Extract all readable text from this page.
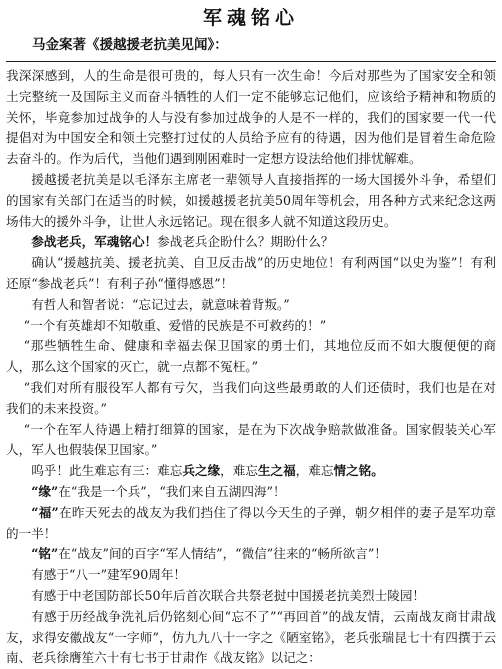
军魂铭心
马金案著《援越援老抗美见闻》：

我深深感到，人的生命是很可贵的，每人只有一次生命！今后对那些为了国家安全和领土完整统一及国际主义而奋斗牺牲的人们一定不能够忘记他们，应该给予精神和物质的关怀，毕竟参加过战争的人与没有参加过战争的人是不一样的，我们的国家要一代一代提倡对为中国安全和领土完整打过仗的人员给予应有的待遇，因为他们是冒着生命危险去奋斗的。作为后代，当他们遇到刚困难时一定想方设法给他们排忧解难。

援越援老抗美是以毛泽东主席老一辈领导人直接指挥的一场大国援外斗争，希望们的国家有关部门在适当的时候，如援越援老抗美50周年等机会，用各种方式来纪念这两场伟大的援外斗争，让世人永远铭记。现在很多人就不知道这段历史。

参战老兵，军魂铭心！参战老兵企盼什么？期盼什么？

确认“援越抗美、援老抗美、自卫反击战”的历史地位！有利两国“以史为鉴”！有利还原“参战老兵”！有利子孙“懂得感恩”！

有哲人和智者说：“忘记过去，就意味着背叛。”

“一个有英雄却不知敬重、爱惜的民族是不可救药的！”

“那些牺牲生命、健康和幸福去保卫国家的勇士们，其地位反而不如大腹便便的商人，那么这个国家的灭亡，就一点都不冤枉。”

“我们对所有服役军人都有亏欠，当我们向这些最勇敢的人们还债时，我们也是在对我们的未来投资。”

“一个在军人待遇上精打细算的国家，是在为下次战争赔款做准备。国家假装关心军人，军人也假装保卫国家。”

呜乎！此生难忘有三：难忘兵之缘，难忘生之福，难忘情之铭。

“缘”在“我是一个兵”，“我们来自五湖四海”！

“福”在昨天死去的战友为我们挡住了得以今天生的子弹，朝夕相伴的妻子是军功章的一半！

“铭”在“战友”间的百字“军人情结”，“微信”往来的“畅所欲言”！

有感于“八一”建军90周年！

有感于中老国防部长50年后首次联合共祭老挝中国援老抗美烈士陵园！

有感于历经战争洗礼后仍铭刻心间“忘不了”“再回首”的战友情，云南战友商甘肃战友，求得安徽战友“一字师”，仿九九八十一字之《陋室铭》，老兵张瑞昆七十有四撰于云南、老兵徐膺笙六十有七书于甘肃作《战友铭》以记之：
